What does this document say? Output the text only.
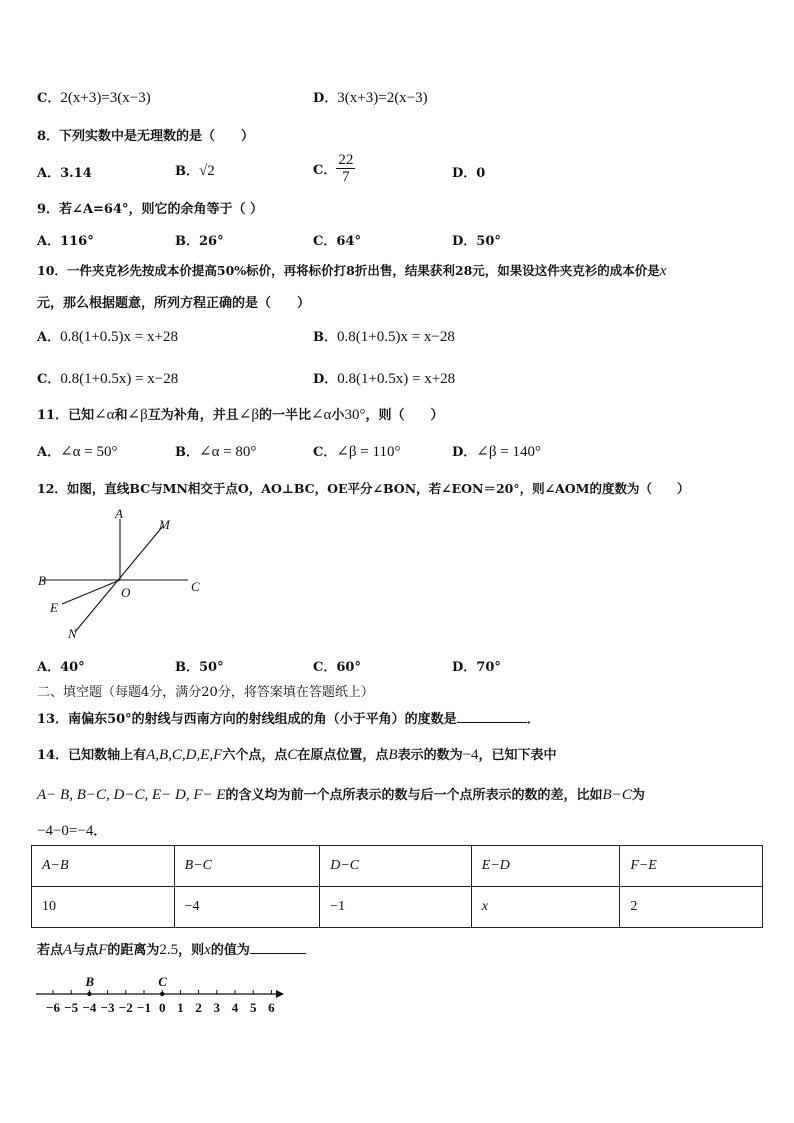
C．2(x+3)=3(x−3)	D．3(x+3)=2(x−3)
8．下列实数中是无理数的是（　　）
A．3.14	B．√2	C． $\frac{22}{7}$	D．0
9．若∠A=64°，则它的余角等于（ ）
A．116°	B．26°	C．64°	D．50°
10．一件夹克衫先按成本价提高50%标价，再将标价打8折出售，结果获利28元，如果设这件夹克衫的成本价是x
元，那么根据题意，所列方程正确的是（　　）
A．0.8(1+0.5)x = x+28	B．0.8(1+0.5)x = x−28
C．0.8(1+0.5x) = x−28	D．0.8(1+0.5x) = x+28
11．已知∠α和∠β互为补角，并且∠β的一半比∠α小30°，则（　　）
A．∠α = 50°	B．∠α = 80°	C．∠β = 110°	D．∠β = 140°
12．如图，直线BC与MN相交于点O，AO⊥BC，OE平分∠BON，若∠EON＝20°，则∠AOM的度数为（　　）
A
M
B
O	C
E
N
A．40°	B．50°	C．60°	D．70°
二、填空题（每题4分，满分20分，将答案填在答题纸上）
13．南偏东50°的射线与西南方向的射线组成的角（小于平角）的度数是	．
14．已知数轴上有A,B,C,D,E,F六个点，点C在原点位置，点B表示的数为−4，已知下表中
A− B, B−C, D−C, E− D, F− E的含义均为前一个点所表示的数与后一个点所表示的数的差，比如B−C为
−4−0=−4．
A−B	B−C	D−C	E−D	F−E
10	−4	−1	x	2
若点A与点F的距离为2.5，则x的值为
−6 −5 −4 −3 −2 −1 0 1 2 3 4 5 6
B	C
